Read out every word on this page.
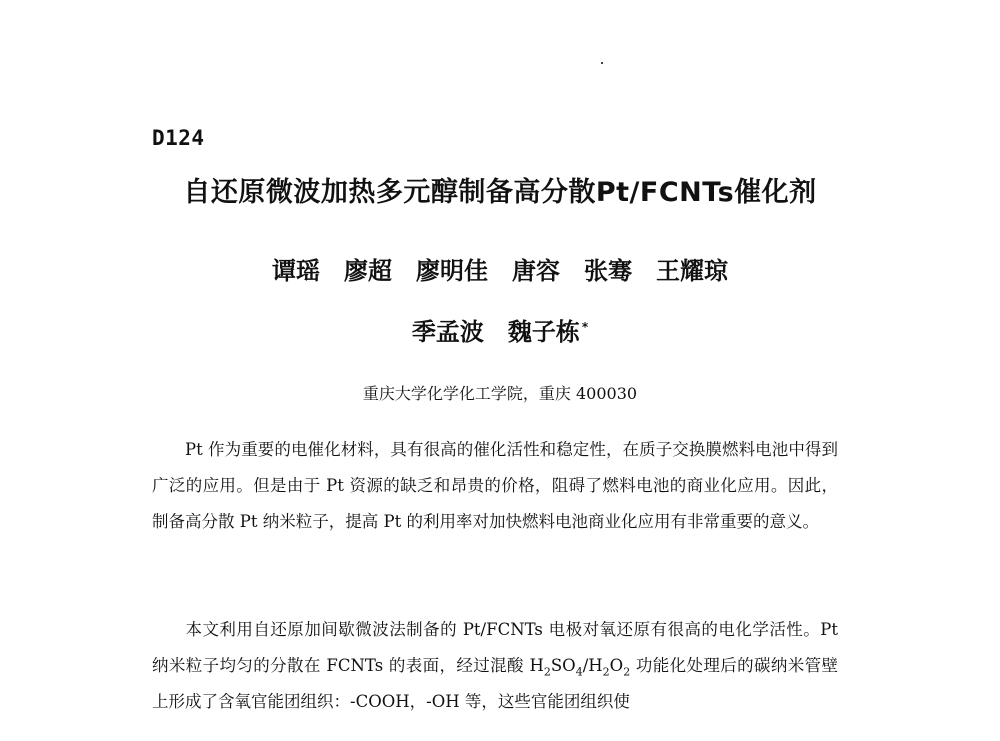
D124
自还原微波加热多元醇制备高分散Pt/FCNTs催化剂
谭瑶　廖超　廖明佳　唐容　张骞　王耀琼
季孟波　魏子栋 *
重庆大学化学化工学院，重庆 400030

Pt 作为重要的电催化材料，具有很高的催化活性和稳定性，在质子交换膜燃料电池中得到广泛的应用。但是由于 Pt 资源的缺乏和昂贵的价格，阻碍了燃料电池的商业化应用。因此，制备高分散 Pt 纳米粒子，提高 Pt 的利用率对加快燃料电池商业化应用有非常重要的意义。

本文利用自还原加间歇微波法制备的 Pt/FCNTs 电极对氧还原有很高的电化学活性。Pt 纳米粒子均匀的分散在 FCNTs 的表面，经过混酸 $H_2SO_4/H_2O_2$ 功能化处理后的碳纳米管壁上形成了含氧官能团组织：-COOH，-OH 等，这些官能团组织使
